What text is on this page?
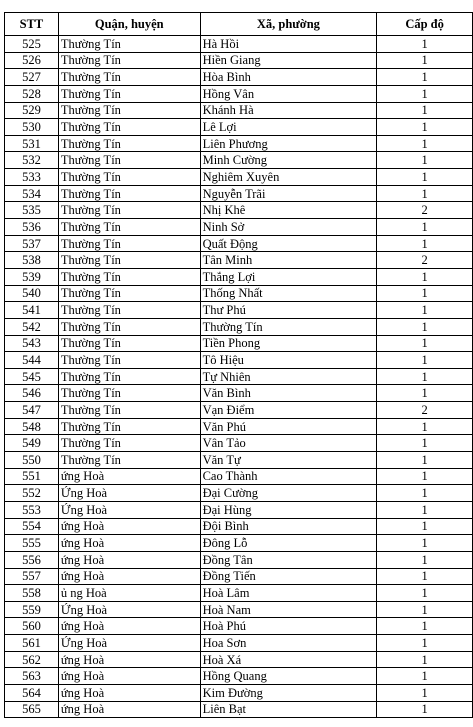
STT	Quận, huyện	Xã, phường	Cấp độ
525	Thường Tín	Hà Hồi	1
526	Thường Tín	Hiền Giang	1
527	Thường Tín	Hòa Bình	1
528	Thường Tín	Hồng Vân	1
529	Thường Tín	Khánh Hà	1
530	Thường Tín	Lê Lợi	1
531	Thường Tín	Liên Phương	1
532	Thường Tín	Minh Cường	1
533	Thường Tín	Nghiêm Xuyên	1
534	Thường Tín	Nguyễn Trãi	1
535	Thường Tín	Nhị Khê	2
536	Thường Tín	Ninh Sở	1
537	Thường Tín	Quất Động	1
538	Thường Tín	Tân Minh	2
539	Thường Tín	Thắng Lợi	1
540	Thường Tín	Thống Nhất	1
541	Thường Tín	Thư Phú	1
542	Thường Tín	Thường Tín	1
543	Thường Tín	Tiền Phong	1
544	Thường Tín	Tô Hiệu	1
545	Thường Tín	Tự Nhiên	1
546	Thường Tín	Văn Bình	1
547	Thường Tín	Vạn Điểm	2
548	Thường Tín	Văn Phú	1
549	Thường Tín	Vân Tảo	1
550	Thường Tín	Văn Tự	1
551	ứng Hoà	Cao Thành	1
552	Ứng Hoà	Đại Cường	1
553	Ứng Hoà	Đại Hùng	1
554	ứng Hoà	Đội Bình	1
555	ứng Hoà	Đông Lỗ	1
556	ứng Hoà	Đồng Tân	1
557	ứng Hoà	Đồng Tiến	1
558	ủ ng Hoà	Hoà Lâm	1
559	Ứng Hoà	Hoà Nam	1
560	ứng Hoà	Hoà Phú	1
561	Ứng Hoà	Hoa Sơn	1
562	ứng Hoà	Hoà Xá	1
563	ứng Hoà	Hồng Quang	1
564	ứng Hoà	Kim Đường	1
565	ứng Hoà	Liên Bạt	1
